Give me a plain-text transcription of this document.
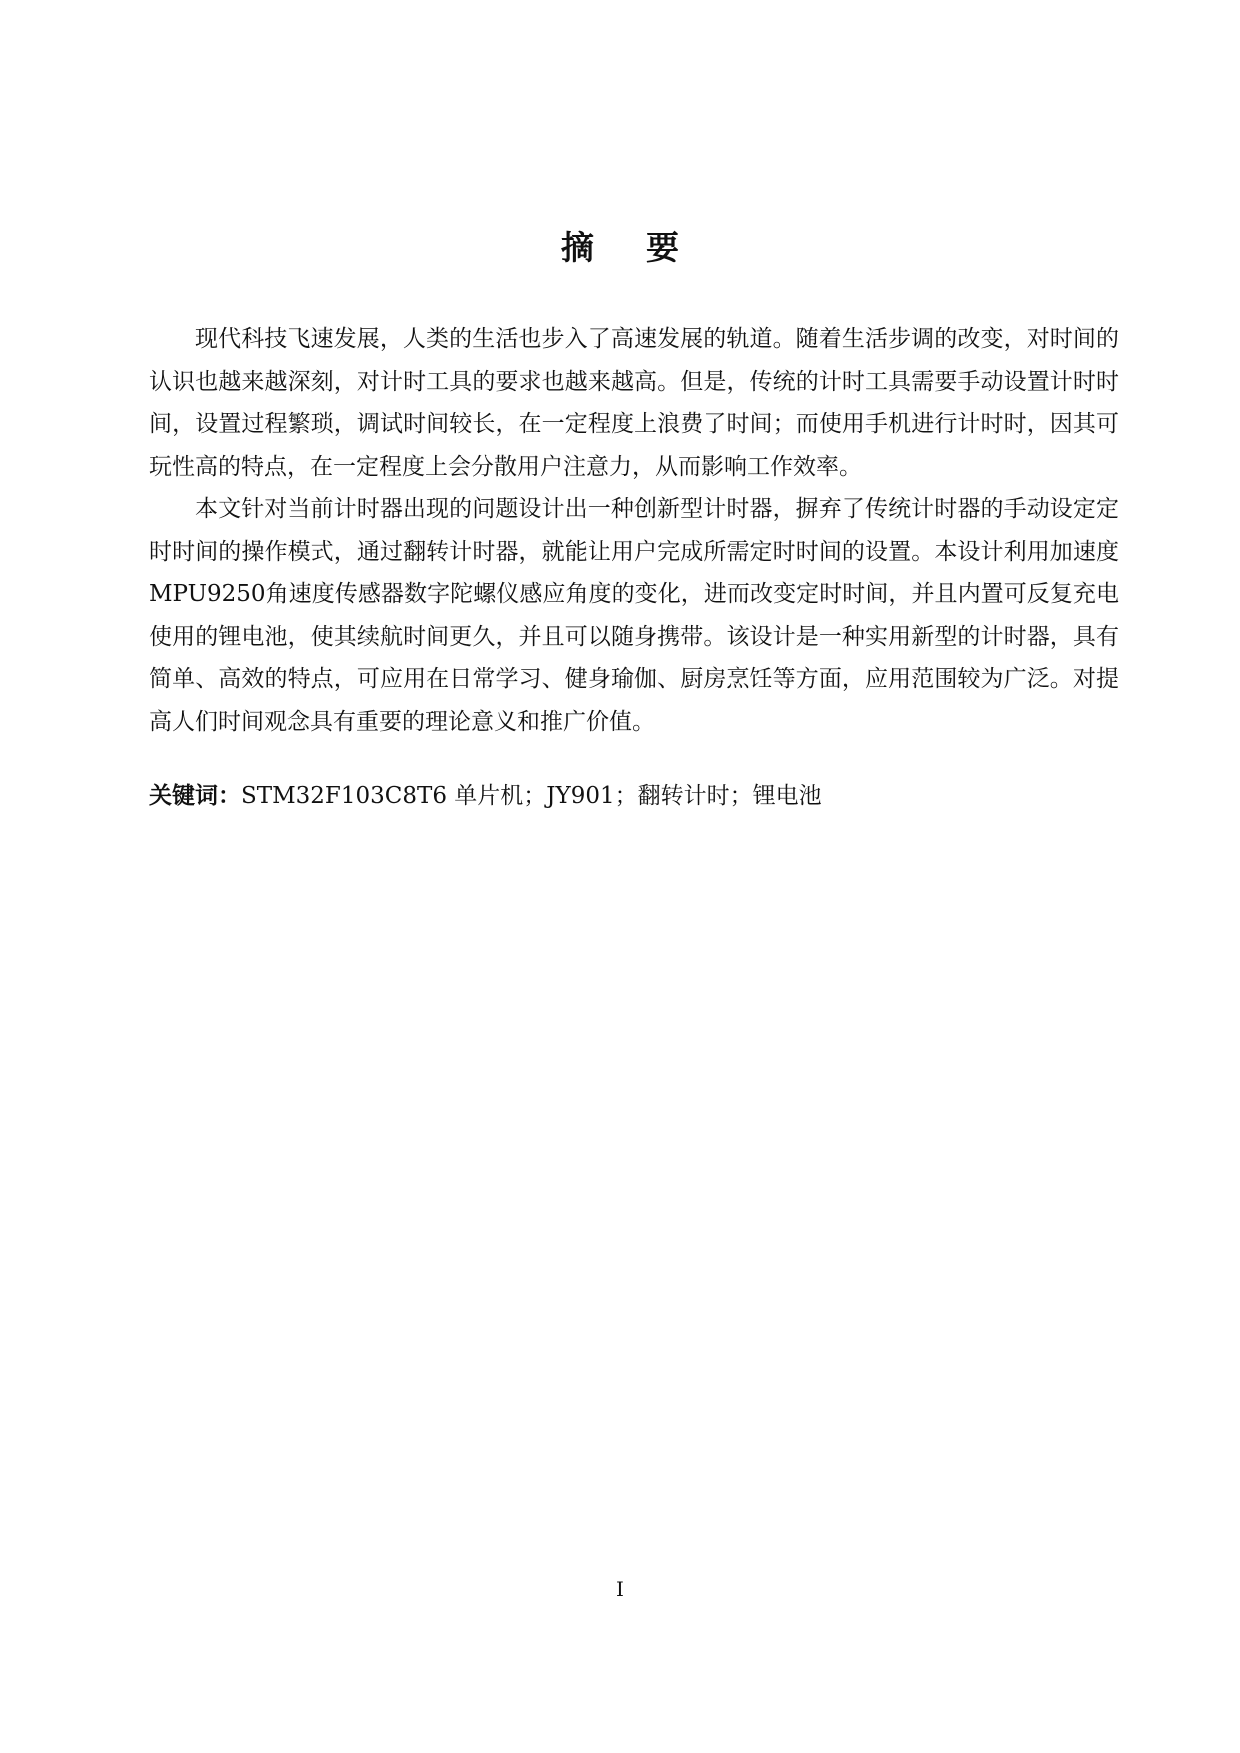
摘要

现代科技飞速发展，人类的生活也步入了高速发展的轨道。随着生活步调的改变，对时间的认识也越来越深刻，对计时工具的要求也越来越高。但是，传统的计时工具需要手动设置计时时间，设置过程繁琐，调试时间较长，在一定程度上浪费了时间；而使用手机进行计时时，因其可玩性高的特点，在一定程度上会分散用户注意力，从而影响工作效率。

本文针对当前计时器出现的问题设计出一种创新型计时器，摒弃了传统计时器的手动设定定时时间的操作模式，通过翻转计时器，就能让用户完成所需定时时间的设置。本设计利用加速度MPU9250角速度传感器数字陀螺仪感应角度的变化，进而改变定时时间，并且内置可反复充电使用的锂电池，使其续航时间更久，并且可以随身携带。该设计是一种实用新型的计时器，具有简单、高效的特点，可应用在日常学习、健身瑜伽、厨房烹饪等方面，应用范围较为广泛。对提高人们时间观念具有重要的理论意义和推广价值。

关键词：STM32F103C8T6 单片机；JY901；翻转计时；锂电池
I
